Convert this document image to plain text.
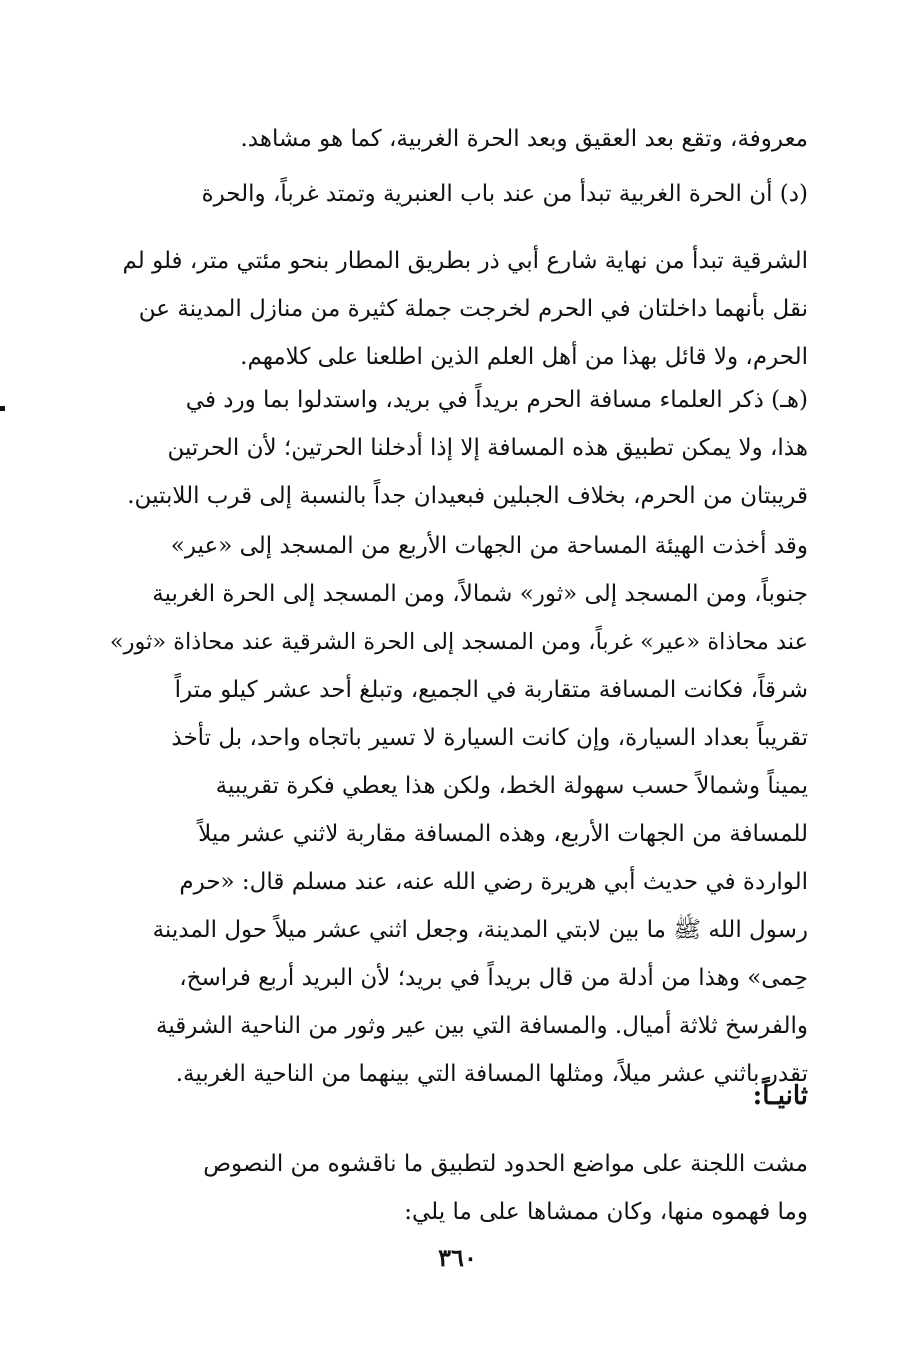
معروفة، وتقع بعد العقيق وبعد الحرة الغربية، كما هو مشاهد.
(د) أن الحرة الغربية تبدأ من عند باب العنبرية وتمتد غرباً، والحرة
الشرقية تبدأ من نهاية شارع أبي ذر بطريق المطار بنحو مئتي متر، فلو لم
نقل بأنهما داخلتان في الحرم لخرجت جملة كثيرة من منازل المدينة عن
الحرم، ولا قائل بهذا من أهل العلم الذين اطلعنا على كلامهم.
(هـ) ذكر العلماء مسافة الحرم بريداً في بريد، واستدلوا بما ورد في
هذا، ولا يمكن تطبيق هذه المسافة إلا إذا أدخلنا الحرتين؛ لأن الحرتين
قريبتان من الحرم، بخلاف الجبلين فبعيدان جداً بالنسبة إلى قرب اللابتين.
وقد أخذت الهيئة المساحة من الجهات الأربع من المسجد إلى «عير»
جنوباً، ومن المسجد إلى «ثور» شمالاً، ومن المسجد إلى الحرة الغربية
عند محاذاة «عير» غرباً، ومن المسجد إلى الحرة الشرقية عند محاذاة «ثور»
شرقاً، فكانت المسافة متقاربة في الجميع، وتبلغ أحد عشر كيلو متراً
تقريباً بعداد السيارة، وإن كانت السيارة لا تسير باتجاه واحد، بل تأخذ
يميناً وشمالاً حسب سهولة الخط، ولكن هذا يعطي فكرة تقريبية
للمسافة من الجهات الأربع، وهذه المسافة مقاربة لاثني عشر ميلاً
الواردة في حديث أبي هريرة رضي الله عنه، عند مسلم قال: «حرم
رسول الله ﷺ ما بين لابتي المدينة، وجعل اثني عشر ميلاً حول المدينة
حِمى» وهذا من أدلة من قال بريداً في بريد؛ لأن البريد أربع فراسخ،
والفرسخ ثلاثة أميال. والمسافة التي بين عير وثور من الناحية الشرقية
تقدر باثني عشر ميلاً، ومثلها المسافة التي بينهما من الناحية الغربية.
ثانيـاً:
مشت اللجنة على مواضع الحدود لتطبيق ما ناقشوه من النصوص
وما فهموه منها، وكان ممشاها على ما يلي:
٣٦٠
